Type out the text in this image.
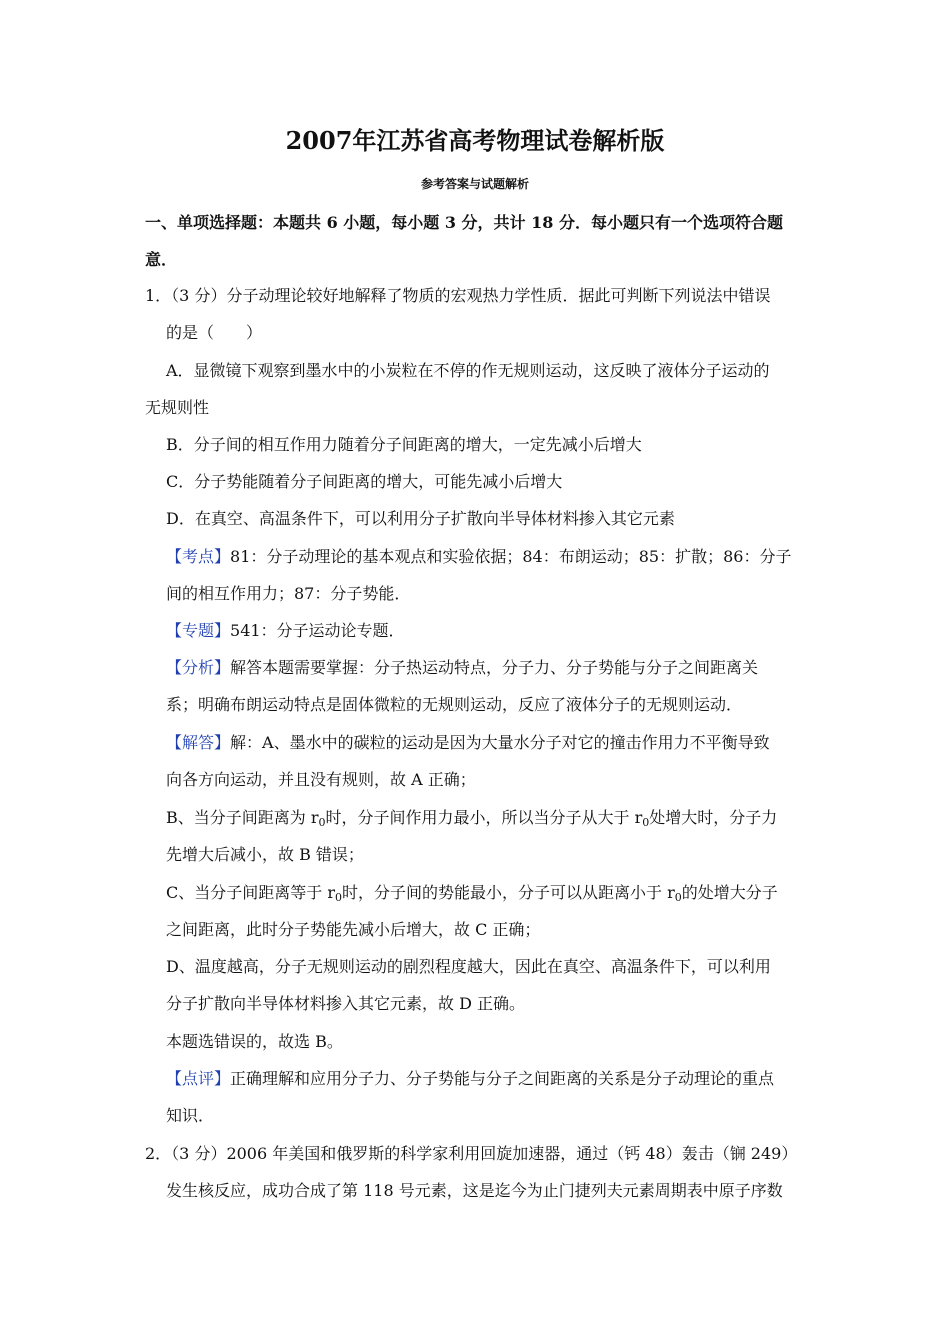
2007年江苏省高考物理试卷解析版
参考答案与试题解析
一、单项选择题：本题共 6 小题，每小题 3 分，共计 18 分．每小题只有一个选项符合题
意．
1．（3 分）分子动理论较好地解释了物质的宏观热力学性质．据此可判断下列说法中错误
的是（　　）
A．显微镜下观察到墨水中的小炭粒在不停的作无规则运动，这反映了液体分子运动的
无规则性
B．分子间的相互作用力随着分子间距离的增大，一定先减小后增大
C．分子势能随着分子间距离的增大，可能先减小后增大
D．在真空、高温条件下，可以利用分子扩散向半导体材料掺入其它元素
【考点】81：分子动理论的基本观点和实验依据；84：布朗运动；85：扩散；86：分子
间的相互作用力；87：分子势能．
【专题】541：分子运动论专题．
【分析】解答本题需要掌握：分子热运动特点，分子力、分子势能与分子之间距离关
系；明确布朗运动特点是固体微粒的无规则运动，反应了液体分子的无规则运动．
【解答】解：A、墨水中的碳粒的运动是因为大量水分子对它的撞击作用力不平衡导致
向各方向运动，并且没有规则，故 A 正确；
B、当分子间距离为 $r_0$时，分子间作用力最小，所以当分子从大于 $r_0$处增大时，分子力
先增大后减小，故 B 错误；
C、当分子间距离等于 $r_0$时，分子间的势能最小，分子可以从距离小于 $r_0$的处增大分子
之间距离，此时分子势能先减小后增大，故 C 正确；
D、温度越高，分子无规则运动的剧烈程度越大，因此在真空、高温条件下，可以利用
分子扩散向半导体材料掺入其它元素，故 D 正确。
本题选错误的，故选 B。
【点评】正确理解和应用分子力、分子势能与分子之间距离的关系是分子动理论的重点
知识．
2．（3 分）2006 年美国和俄罗斯的科学家利用回旋加速器，通过（钙 48）轰击（锎 249）
发生核反应，成功合成了第 118 号元素，这是迄今为止门捷列夫元素周期表中原子序数
